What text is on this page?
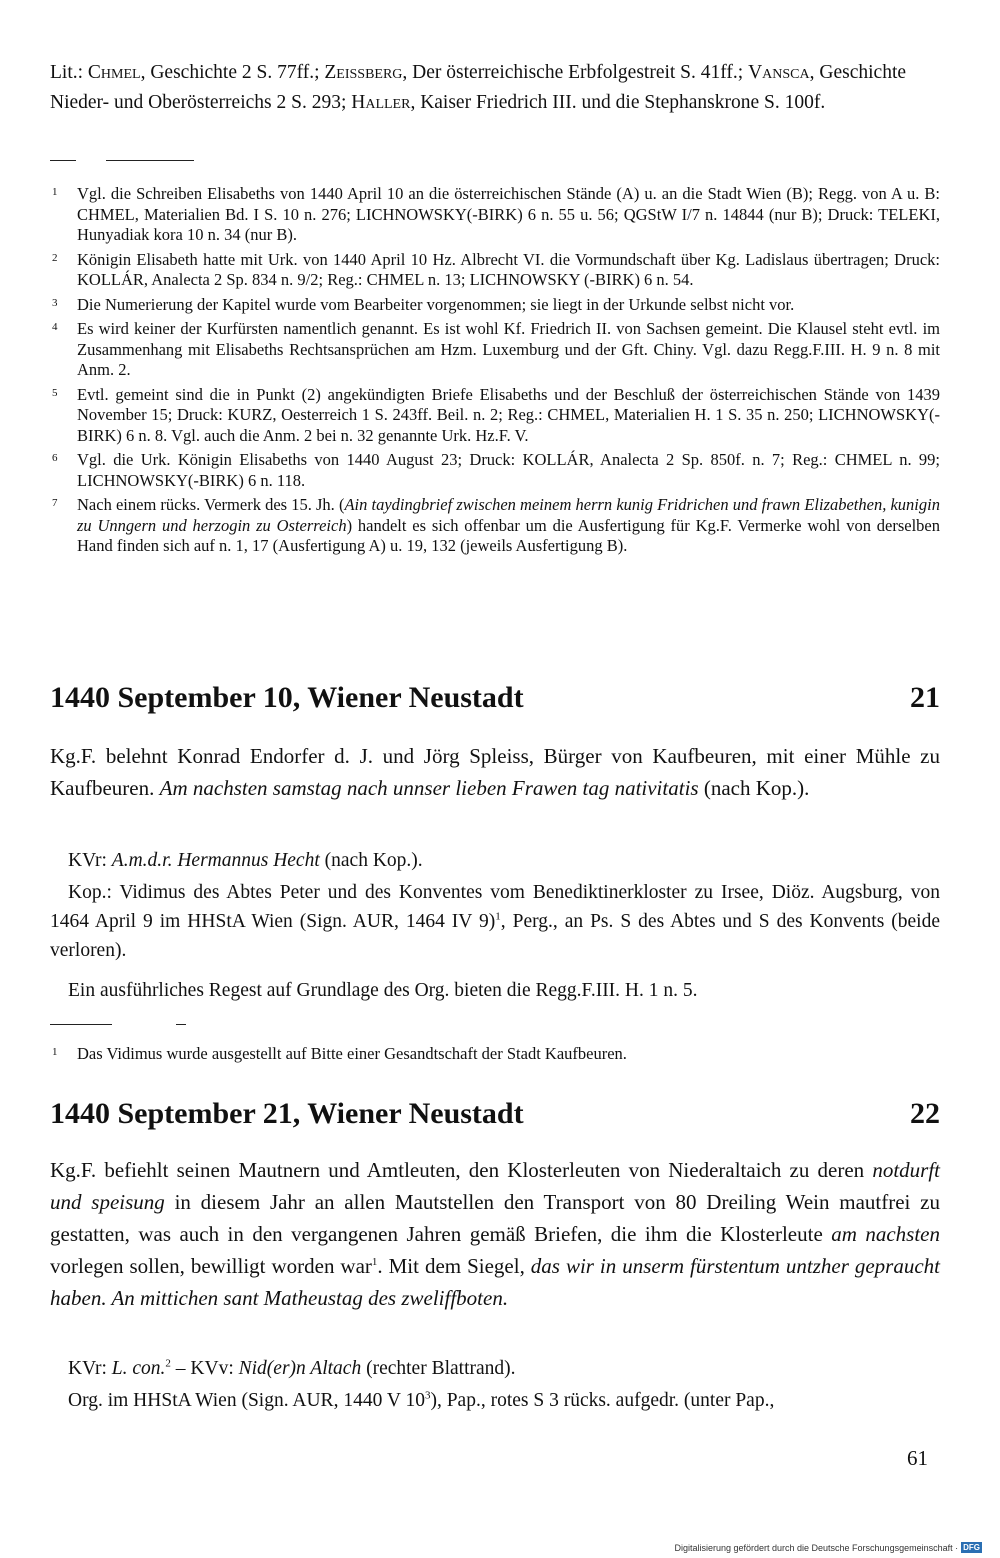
Lit.: Chmel, Geschichte 2 S. 77ff.; Zeissberg, Der österreichische Erbfolgestreit S. 41ff.; Vansca, Geschichte Nieder- und Oberösterreichs 2 S. 293; Haller, Kaiser Friedrich III. und die Stephanskrone S. 100f.
1	Vgl. die Schreiben Elisabeths von 1440 April 10 an die österreichischen Stände (A) u. an die Stadt Wien (B); Regg. von A u. B: CHMEL, Materialien Bd. I S. 10 n. 276; LICHNOWSKY(-BIRK) 6 n. 55 u. 56; QGStW I/7 n. 14844 (nur B); Druck: TELEKI, Hunyadiak kora 10 n. 34 (nur B).
2	Königin Elisabeth hatte mit Urk. von 1440 April 10 Hz. Albrecht VI. die Vormundschaft über Kg. Ladislaus übertragen; Druck: KOLLÁR, Analecta 2 Sp. 834 n. 9/2; Reg.: CHMEL n. 13; LICHNOWSKY (-BIRK) 6 n. 54.
3	Die Numerierung der Kapitel wurde vom Bearbeiter vorgenommen; sie liegt in der Urkunde selbst nicht vor.
4	Es wird keiner der Kurfürsten namentlich genannt. Es ist wohl Kf. Friedrich II. von Sachsen gemeint. Die Klausel steht evtl. im Zusammenhang mit Elisabeths Rechtsansprüchen am Hzm. Luxemburg und der Gft. Chiny. Vgl. dazu Regg.F.III. H. 9 n. 8 mit Anm. 2.
5	Evtl. gemeint sind die in Punkt (2) angekündigten Briefe Elisabeths und der Beschluß der österreichischen Stände von 1439 November 15; Druck: KURZ, Oesterreich 1 S. 243ff. Beil. n. 2; Reg.: CHMEL, Materialien H. 1 S. 35 n. 250; LICHNOWSKY(-BIRK) 6 n. 8. Vgl. auch die Anm. 2 bei n. 32 genannte Urk. Hz.F. V.
6	Vgl. die Urk. Königin Elisabeths von 1440 August 23; Druck: KOLLÁR, Analecta 2 Sp. 850f. n. 7; Reg.: CHMEL n. 99; LICHNOWSKY(-BIRK) 6 n. 118.
7	Nach einem rücks. Vermerk des 15. Jh. (Ain taydingbrief zwischen meinem herrn kunig Fridrichen und frawn Elizabethen, kunigin zu Unngern und herzogin zu Osterreich) handelt es sich offenbar um die Ausfertigung für Kg.F. Vermerke wohl von derselben Hand finden sich auf n. 1, 17 (Ausfertigung A) u. 19, 132 (jeweils Ausfertigung B).
1440 September 10, Wiener Neustadt	21
Kg.F. belehnt Konrad Endorfer d. J. und Jörg Spleiss, Bürger von Kaufbeuren, mit einer Mühle zu Kaufbeuren. Am nachsten samstag nach unnser lieben Frawen tag nativitatis (nach Kop.).
KVr: A.m.d.r. Hermannus Hecht (nach Kop.).
Kop.: Vidimus des Abtes Peter und des Konventes vom Benediktinerkloster zu Irsee, Diöz. Augsburg, von 1464 April 9 im HHStA Wien (Sign. AUR, 1464 IV 9)$^1$, Perg., an Ps. S des Abtes und S des Konvents (beide verloren).
Ein ausführliches Regest auf Grundlage des Org. bieten die Regg.F.III. H. 1 n. 5.
1	Das Vidimus wurde ausgestellt auf Bitte einer Gesandtschaft der Stadt Kaufbeuren.
1440 September 21, Wiener Neustadt	22
Kg.F. befiehlt seinen Mautnern und Amtleuten, den Klosterleuten von Niederaltaich zu deren notdurft und speisung in diesem Jahr an allen Mautstellen den Transport von 80 Dreiling Wein mautfrei zu gestatten, was auch in den vergangenen Jahren gemäß Briefen, die ihm die Klosterleute am nachsten vorlegen sollen, bewilligt worden war$^1$. Mit dem Siegel, das wir in unserm fürstentum untzher gepraucht haben. An mittichen sant Matheustag des zweliffboten.
KVr: L. con.$^2$ – KVv: Nid(er)n Altach (rechter Blattrand).
Org. im HHStA Wien (Sign. AUR, 1440 V $10^3$), Pap., rotes S 3 rücks. aufgedr. (unter Pap.,
61
Digitalisierung gefördert durch die Deutsche Forschungsgemeinschaft · DFG
